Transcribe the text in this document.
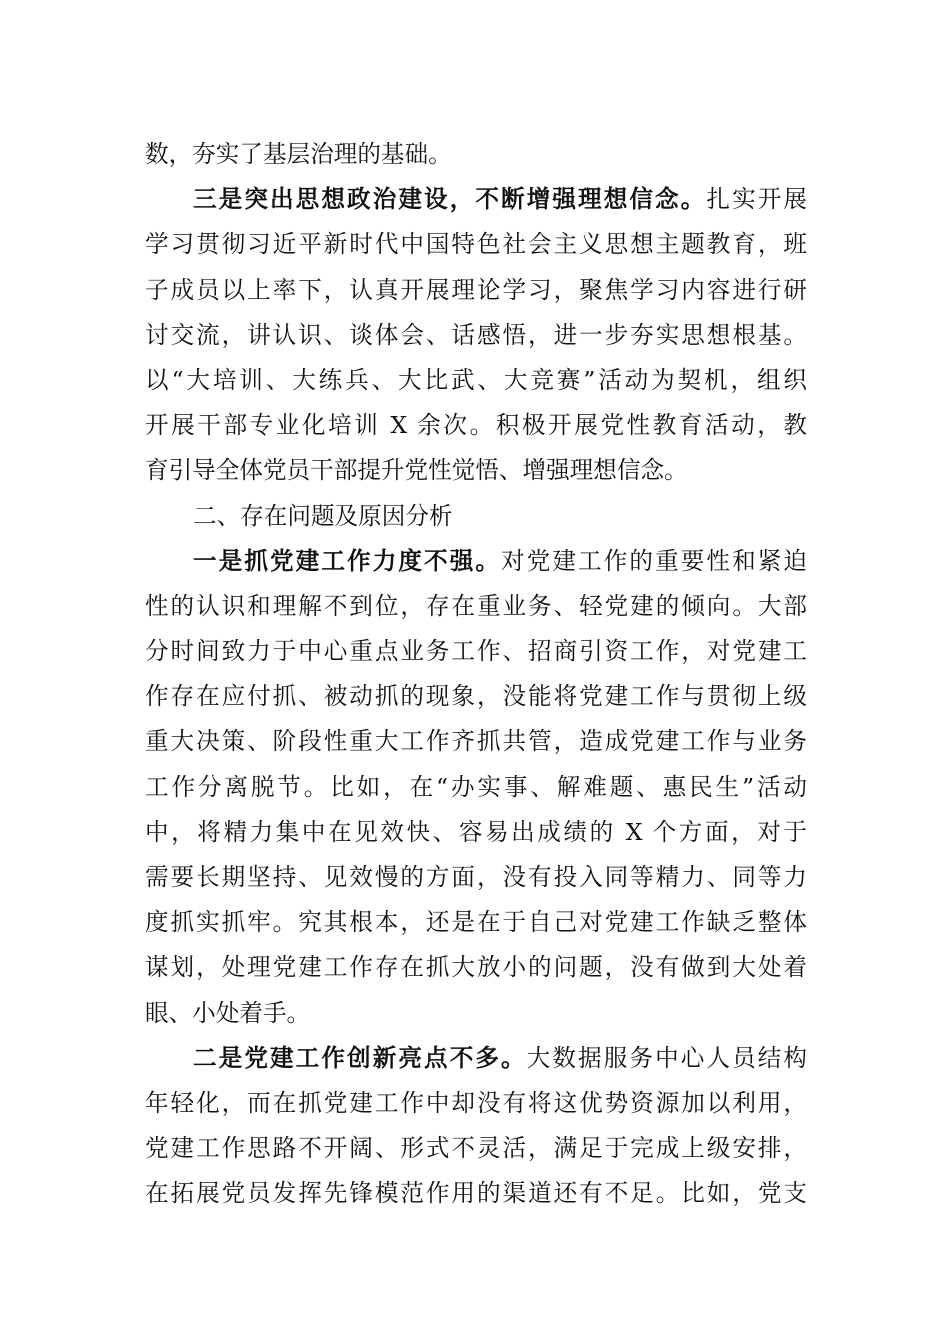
数，夯实了基层治理的基础。
三是突出思想政治建设，不断增强理想信念。扎实开展
学习贯彻习近平新时代中国特色社会主义思想主题教育，班
子成员以上率下，认真开展理论学习，聚焦学习内容进行研
讨交流，讲认识、谈体会、话感悟，进一步夯实思想根基。
以“大培训、大练兵、大比武、大竞赛”活动为契机，组织
开展干部专业化培训 X 余次。积极开展党性教育活动，教
育引导全体党员干部提升党性觉悟、增强理想信念。
二、存在问题及原因分析
一是抓党建工作力度不强。对党建工作的重要性和紧迫
性的认识和理解不到位，存在重业务、轻党建的倾向。大部
分时间致力于中心重点业务工作、招商引资工作，对党建工
作存在应付抓、被动抓的现象，没能将党建工作与贯彻上级
重大决策、阶段性重大工作齐抓共管，造成党建工作与业务
工作分离脱节。比如，在“办实事、解难题、惠民生”活动
中，将精力集中在见效快、容易出成绩的 X 个方面，对于
需要长期坚持、见效慢的方面，没有投入同等精力、同等力
度抓实抓牢。究其根本，还是在于自己对党建工作缺乏整体
谋划，处理党建工作存在抓大放小的问题，没有做到大处着
眼、小处着手。
二是党建工作创新亮点不多。大数据服务中心人员结构
年轻化，而在抓党建工作中却没有将这优势资源加以利用，
党建工作思路不开阔、形式不灵活，满足于完成上级安排，
在拓展党员发挥先锋模范作用的渠道还有不足。比如，党支
